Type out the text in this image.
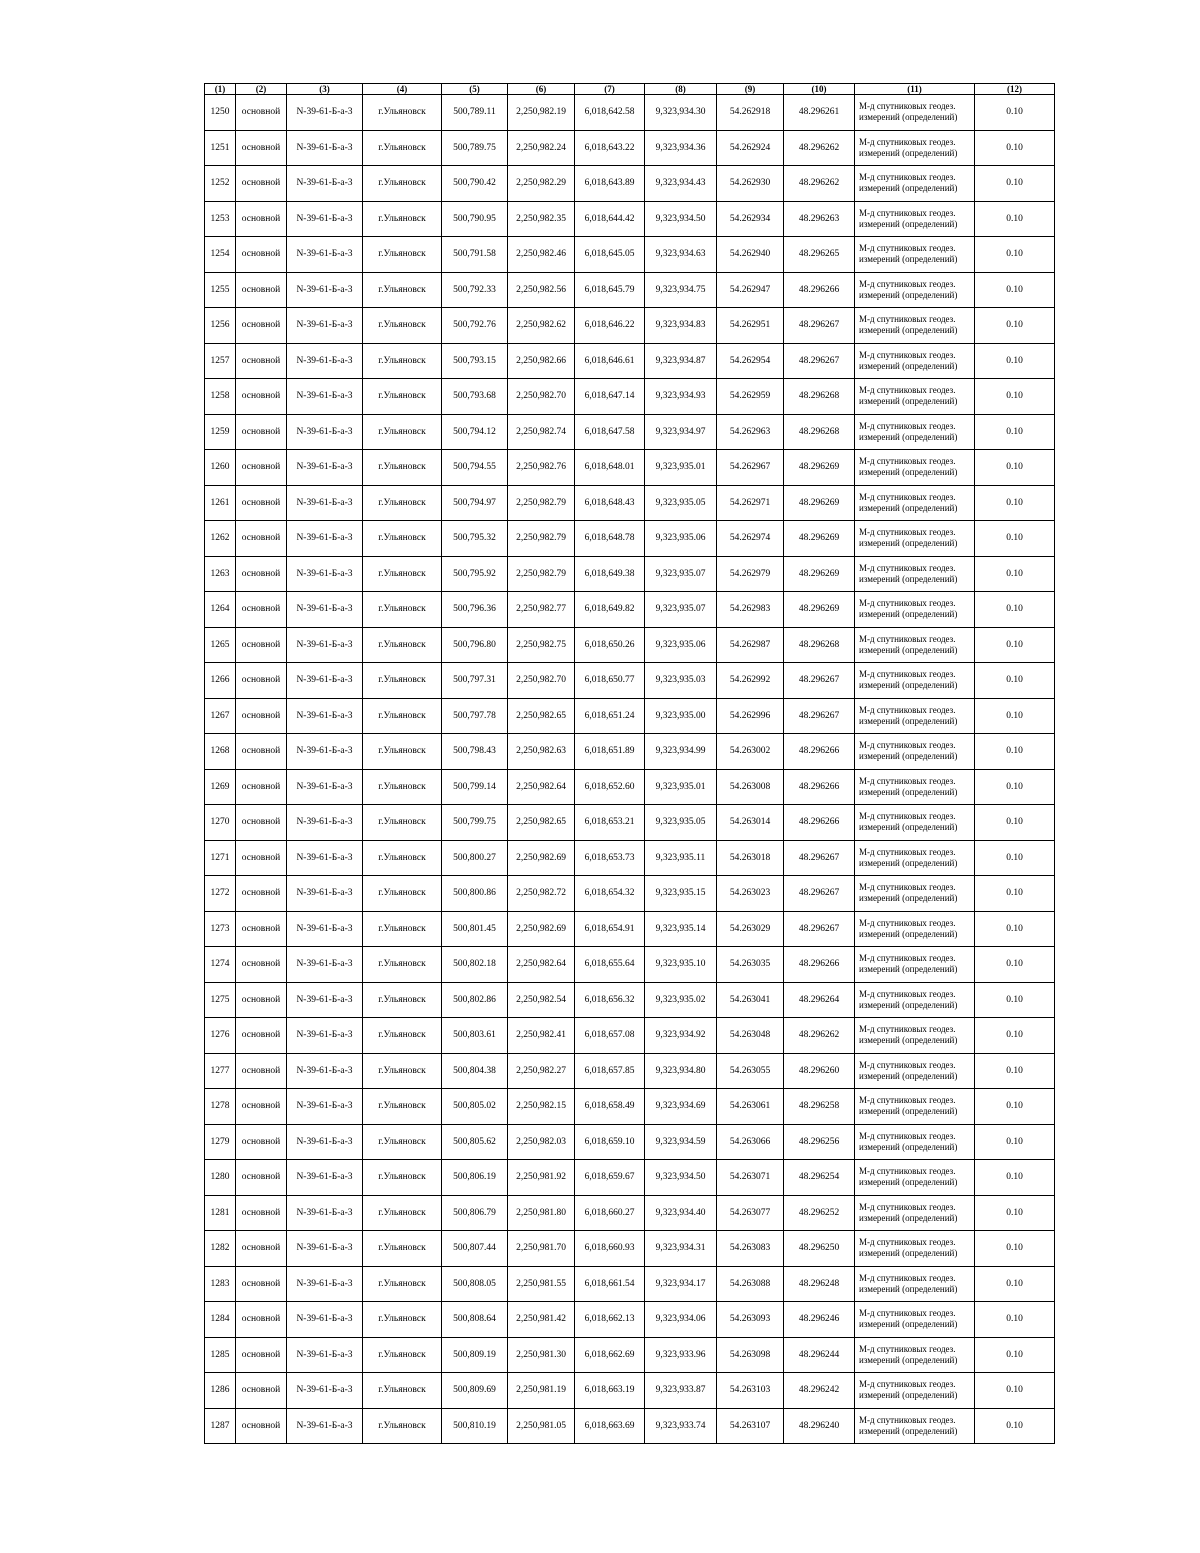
(1)	(2)	(3)	(4)	(5)	(6)	(7)	(8)	(9)	(10)	(11)	(12)
1250	основной	N-39-61-Б-а-3	г.Ульяновск	500,789.11	2,250,982.19	6,018,642.58	9,323,934.30	54.262918	48.296261	М-д спутниковых геодез. измерений (определений)	0.10
1251	основной	N-39-61-Б-а-3	г.Ульяновск	500,789.75	2,250,982.24	6,018,643.22	9,323,934.36	54.262924	48.296262	М-д спутниковых геодез. измерений (определений)	0.10
1252	основной	N-39-61-Б-а-3	г.Ульяновск	500,790.42	2,250,982.29	6,018,643.89	9,323,934.43	54.262930	48.296262	М-д спутниковых геодез. измерений (определений)	0.10
1253	основной	N-39-61-Б-а-3	г.Ульяновск	500,790.95	2,250,982.35	6,018,644.42	9,323,934.50	54.262934	48.296263	М-д спутниковых геодез. измерений (определений)	0.10
1254	основной	N-39-61-Б-а-3	г.Ульяновск	500,791.58	2,250,982.46	6,018,645.05	9,323,934.63	54.262940	48.296265	М-д спутниковых геодез. измерений (определений)	0.10
1255	основной	N-39-61-Б-а-3	г.Ульяновск	500,792.33	2,250,982.56	6,018,645.79	9,323,934.75	54.262947	48.296266	М-д спутниковых геодез. измерений (определений)	0.10
1256	основной	N-39-61-Б-а-3	г.Ульяновск	500,792.76	2,250,982.62	6,018,646.22	9,323,934.83	54.262951	48.296267	М-д спутниковых геодез. измерений (определений)	0.10
1257	основной	N-39-61-Б-а-3	г.Ульяновск	500,793.15	2,250,982.66	6,018,646.61	9,323,934.87	54.262954	48.296267	М-д спутниковых геодез. измерений (определений)	0.10
1258	основной	N-39-61-Б-а-3	г.Ульяновск	500,793.68	2,250,982.70	6,018,647.14	9,323,934.93	54.262959	48.296268	М-д спутниковых геодез. измерений (определений)	0.10
1259	основной	N-39-61-Б-а-3	г.Ульяновск	500,794.12	2,250,982.74	6,018,647.58	9,323,934.97	54.262963	48.296268	М-д спутниковых геодез. измерений (определений)	0.10
1260	основной	N-39-61-Б-а-3	г.Ульяновск	500,794.55	2,250,982.76	6,018,648.01	9,323,935.01	54.262967	48.296269	М-д спутниковых геодез. измерений (определений)	0.10
1261	основной	N-39-61-Б-а-3	г.Ульяновск	500,794.97	2,250,982.79	6,018,648.43	9,323,935.05	54.262971	48.296269	М-д спутниковых геодез. измерений (определений)	0.10
1262	основной	N-39-61-Б-а-3	г.Ульяновск	500,795.32	2,250,982.79	6,018,648.78	9,323,935.06	54.262974	48.296269	М-д спутниковых геодез. измерений (определений)	0.10
1263	основной	N-39-61-Б-а-3	г.Ульяновск	500,795.92	2,250,982.79	6,018,649.38	9,323,935.07	54.262979	48.296269	М-д спутниковых геодез. измерений (определений)	0.10
1264	основной	N-39-61-Б-а-3	г.Ульяновск	500,796.36	2,250,982.77	6,018,649.82	9,323,935.07	54.262983	48.296269	М-д спутниковых геодез. измерений (определений)	0.10
1265	основной	N-39-61-Б-а-3	г.Ульяновск	500,796.80	2,250,982.75	6,018,650.26	9,323,935.06	54.262987	48.296268	М-д спутниковых геодез. измерений (определений)	0.10
1266	основной	N-39-61-Б-а-3	г.Ульяновск	500,797.31	2,250,982.70	6,018,650.77	9,323,935.03	54.262992	48.296267	М-д спутниковых геодез. измерений (определений)	0.10
1267	основной	N-39-61-Б-а-3	г.Ульяновск	500,797.78	2,250,982.65	6,018,651.24	9,323,935.00	54.262996	48.296267	М-д спутниковых геодез. измерений (определений)	0.10
1268	основной	N-39-61-Б-а-3	г.Ульяновск	500,798.43	2,250,982.63	6,018,651.89	9,323,934.99	54.263002	48.296266	М-д спутниковых геодез. измерений (определений)	0.10
1269	основной	N-39-61-Б-а-3	г.Ульяновск	500,799.14	2,250,982.64	6,018,652.60	9,323,935.01	54.263008	48.296266	М-д спутниковых геодез. измерений (определений)	0.10
1270	основной	N-39-61-Б-а-3	г.Ульяновск	500,799.75	2,250,982.65	6,018,653.21	9,323,935.05	54.263014	48.296266	М-д спутниковых геодез. измерений (определений)	0.10
1271	основной	N-39-61-Б-а-3	г.Ульяновск	500,800.27	2,250,982.69	6,018,653.73	9,323,935.11	54.263018	48.296267	М-д спутниковых геодез. измерений (определений)	0.10
1272	основной	N-39-61-Б-а-3	г.Ульяновск	500,800.86	2,250,982.72	6,018,654.32	9,323,935.15	54.263023	48.296267	М-д спутниковых геодез. измерений (определений)	0.10
1273	основной	N-39-61-Б-а-3	г.Ульяновск	500,801.45	2,250,982.69	6,018,654.91	9,323,935.14	54.263029	48.296267	М-д спутниковых геодез. измерений (определений)	0.10
1274	основной	N-39-61-Б-а-3	г.Ульяновск	500,802.18	2,250,982.64	6,018,655.64	9,323,935.10	54.263035	48.296266	М-д спутниковых геодез. измерений (определений)	0.10
1275	основной	N-39-61-Б-а-3	г.Ульяновск	500,802.86	2,250,982.54	6,018,656.32	9,323,935.02	54.263041	48.296264	М-д спутниковых геодез. измерений (определений)	0.10
1276	основной	N-39-61-Б-а-3	г.Ульяновск	500,803.61	2,250,982.41	6,018,657.08	9,323,934.92	54.263048	48.296262	М-д спутниковых геодез. измерений (определений)	0.10
1277	основной	N-39-61-Б-а-3	г.Ульяновск	500,804.38	2,250,982.27	6,018,657.85	9,323,934.80	54.263055	48.296260	М-д спутниковых геодез. измерений (определений)	0.10
1278	основной	N-39-61-Б-а-3	г.Ульяновск	500,805.02	2,250,982.15	6,018,658.49	9,323,934.69	54.263061	48.296258	М-д спутниковых геодез. измерений (определений)	0.10
1279	основной	N-39-61-Б-а-3	г.Ульяновск	500,805.62	2,250,982.03	6,018,659.10	9,323,934.59	54.263066	48.296256	М-д спутниковых геодез. измерений (определений)	0.10
1280	основной	N-39-61-Б-а-3	г.Ульяновск	500,806.19	2,250,981.92	6,018,659.67	9,323,934.50	54.263071	48.296254	М-д спутниковых геодез. измерений (определений)	0.10
1281	основной	N-39-61-Б-а-3	г.Ульяновск	500,806.79	2,250,981.80	6,018,660.27	9,323,934.40	54.263077	48.296252	М-д спутниковых геодез. измерений (определений)	0.10
1282	основной	N-39-61-Б-а-3	г.Ульяновск	500,807.44	2,250,981.70	6,018,660.93	9,323,934.31	54.263083	48.296250	М-д спутниковых геодез. измерений (определений)	0.10
1283	основной	N-39-61-Б-а-3	г.Ульяновск	500,808.05	2,250,981.55	6,018,661.54	9,323,934.17	54.263088	48.296248	М-д спутниковых геодез. измерений (определений)	0.10
1284	основной	N-39-61-Б-а-3	г.Ульяновск	500,808.64	2,250,981.42	6,018,662.13	9,323,934.06	54.263093	48.296246	М-д спутниковых геодез. измерений (определений)	0.10
1285	основной	N-39-61-Б-а-3	г.Ульяновск	500,809.19	2,250,981.30	6,018,662.69	9,323,933.96	54.263098	48.296244	М-д спутниковых геодез. измерений (определений)	0.10
1286	основной	N-39-61-Б-а-3	г.Ульяновск	500,809.69	2,250,981.19	6,018,663.19	9,323,933.87	54.263103	48.296242	М-д спутниковых геодез. измерений (определений)	0.10
1287	основной	N-39-61-Б-а-3	г.Ульяновск	500,810.19	2,250,981.05	6,018,663.69	9,323,933.74	54.263107	48.296240	М-д спутниковых геодез. измерений (определений)	0.10
